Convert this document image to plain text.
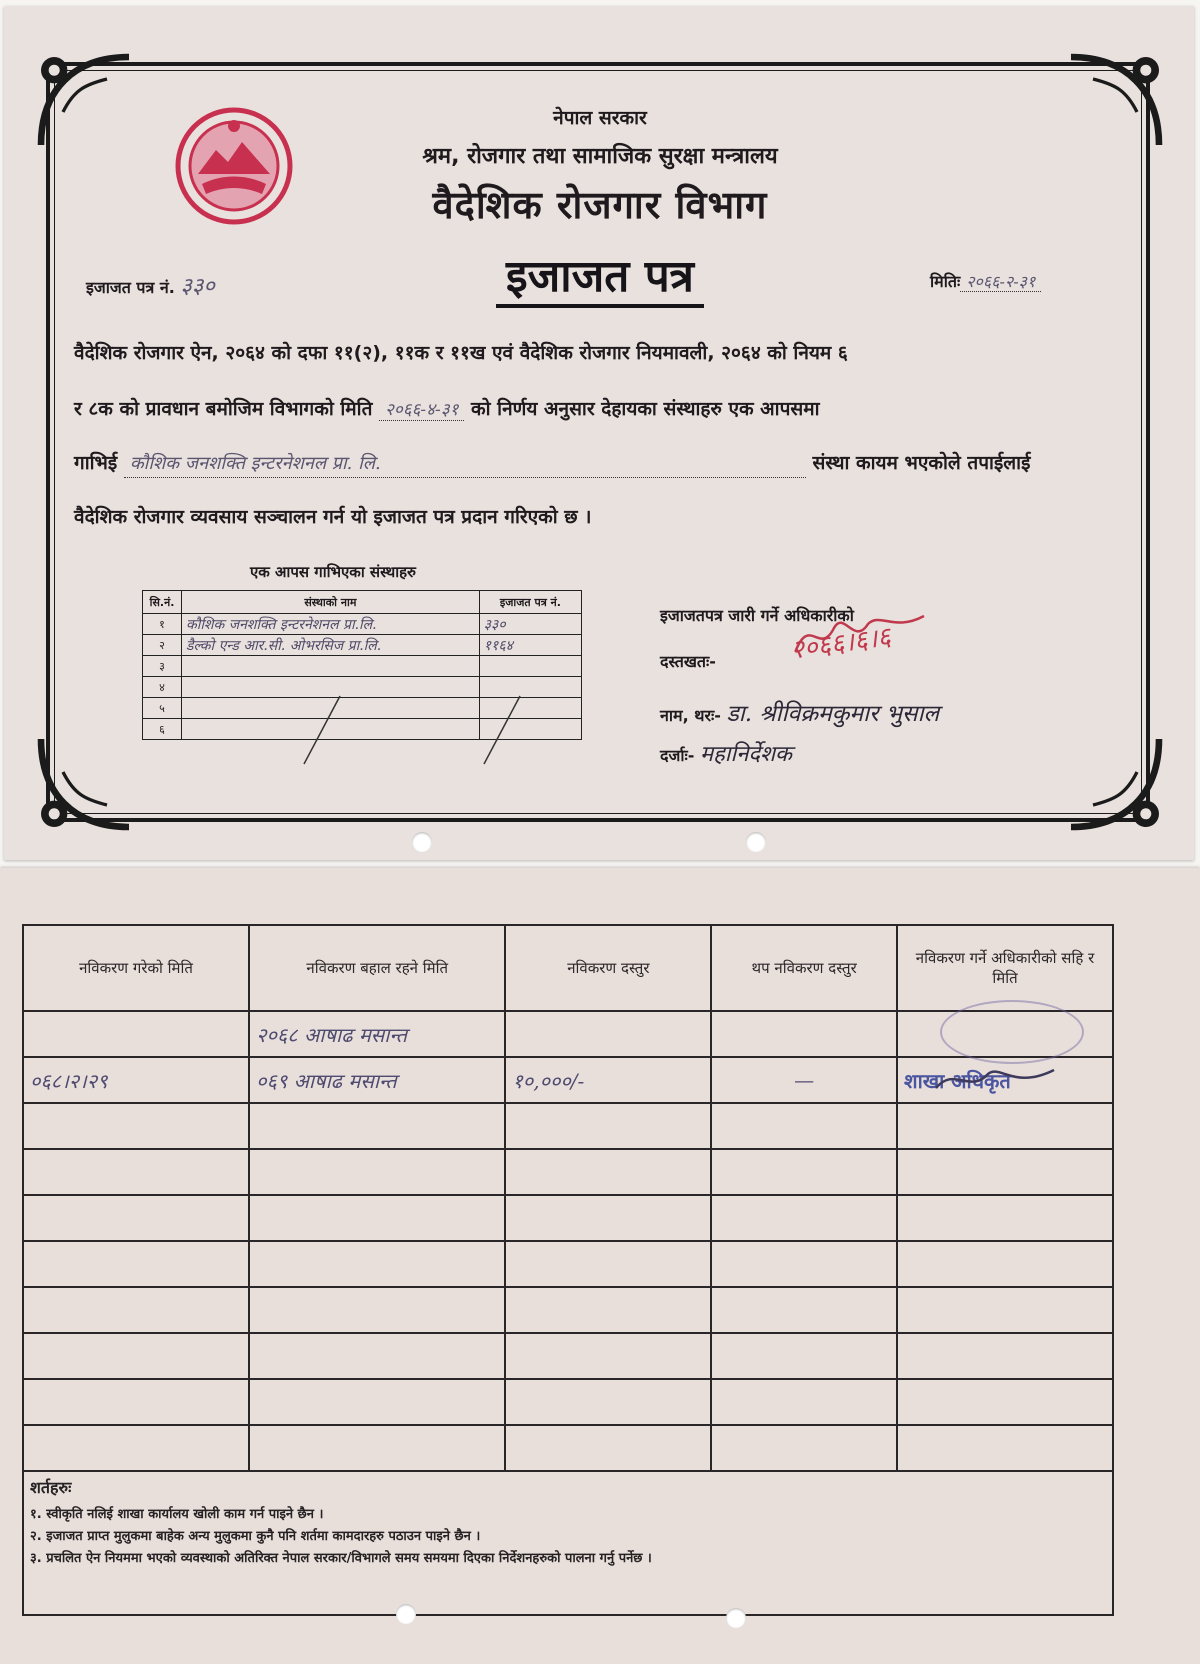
नेपाल सरकार
श्रम, रोजगार तथा सामाजिक सुरक्षा मन्त्रालय
वैदेशिक रोजगार विभाग
इजाजत पत्र
इजाजत पत्र नं. ३३०	मितिः २०६६-२-३१
वैदेशिक रोजगार ऐन, २०६४ को दफा ११(२), ११क र ११ख एवं वैदेशिक रोजगार नियमावली, २०६४ को नियम ६
र ८क को प्रावधान बमोजिम विभागको मिति २०६६-४-३१ को निर्णय अनुसार देहायका संस्थाहरु एक आपसमा
गाभिई कौशिक जनशक्ति इन्टरनेशनल प्रा. लि.	संस्था कायम भएकोले तपाईलाई
वैदेशिक रोजगार व्यवसाय सञ्चालन गर्न यो इजाजत पत्र प्रदान गरिएको छ ।
एक आपस गाभिएका संस्थाहरु
सि.नं.	संस्थाको नाम	इजाजत पत्र नं.
१	कौशिक जनशक्ति इन्टरनेशनल प्रा.लि.	३३०
२	डैल्को एन्ड आर.सी. ओभरसिज प्रा.लि.	११६४
३		
४		
५		
६		
इजाजतपत्र जारी गर्ने अधिकारीको
दस्तखतः-
नाम, थरः- डा. श्रीविक्रमकुमार भुसाल
दर्जाः- महानिर्देशक
२०६६।६।६
नविकरण गरेको मिति	नविकरण बहाल रहने मिति	नविकरण दस्तुर	थप नविकरण दस्तुर	नविकरण गर्ने अधिकारीको सहि र मिति
	२०६८ आषाढ मसान्त			
०६८।२।२९	०६९ आषाढ मसान्त	१०,०००/-	—	शाखा अधिकृत

शर्तहरुः
१. स्वीकृति नलिई शाखा कार्यालय खोली काम गर्न पाइने छैन ।
२. इजाजत प्राप्त मुलुकमा बाहेक अन्य मुलुकमा कुनै पनि शर्तमा कामदारहरु पठाउन पाइने छैन ।
३. प्रचलित ऐन नियममा भएको व्यवस्थाको अतिरिक्त नेपाल सरकार/विभागले समय समयमा दिएका निर्देशनहरुको पालना गर्नु पर्नेछ ।
